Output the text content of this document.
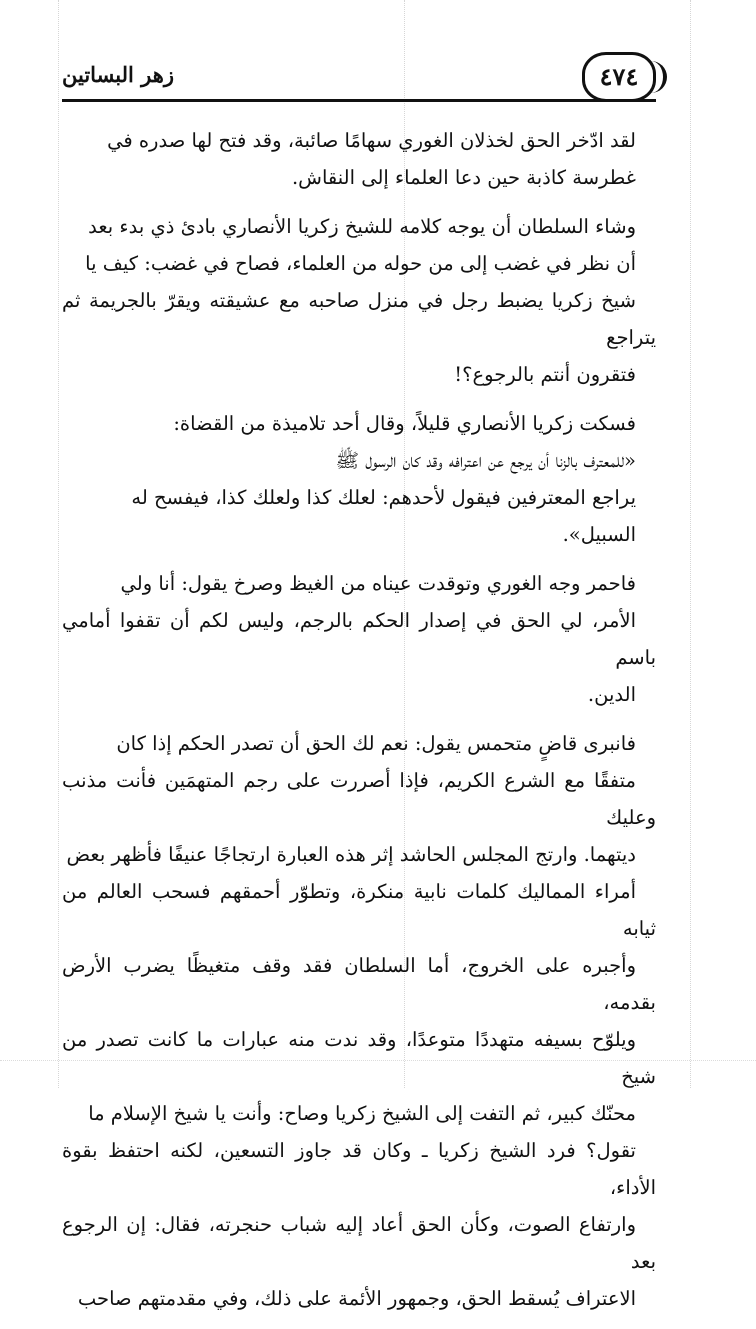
زهر البساتين	٤٧٤

لقد ادّخر الحق لخذلان الغوري سهامًا صائبة، وقد فتح لها صدره في
غطرسة كاذبة حين دعا العلماء إلى النقاش.

وشاء السلطان أن يوجه كلامه للشيخ زكريا الأنصاري بادئ ذي بدء بعد
أن نظر في غضب إلى من حوله من العلماء، فصاح في غضب: كيف يا
شيخ زكريا يضبط رجل في منزل صاحبه مع عشيقته ويقرّ بالجريمة ثم يتراجع
فتقرون أنتم بالرجوع؟!

فسكت زكريا الأنصاري قليلاً، وقال أحد تلاميذة من القضاة:
«للمعترف بالزنا أن يرجع عن اعترافه وقد كان الرسول ﷺ
يراجع المعترفين فيقول لأحدهم: لعلك كذا ولعلك كذا، فيفسح له
السبيل».

فاحمر وجه الغوري وتوقدت عيناه من الغيظ وصرخ يقول: أنا ولي
الأمر، لي الحق في إصدار الحكم بالرجم، وليس لكم أن تقفوا أمامي باسم
الدين.

فانبرى قاضٍ متحمس يقول: نعم لك الحق أن تصدر الحكم إذا كان
متفقًا مع الشرع الكريم، فإذا أصررت على رجم المتهمَين فأنت مذنب وعليك
ديتهما. وارتج المجلس الحاشد إثر هذه العبارة ارتجاجًا عنيفًا فأظهر بعض
أمراء المماليك كلمات نابية منكرة، وتطوّر أحمقهم فسحب العالم من ثيابه
وأجبره على الخروج، أما السلطان فقد وقف متغيظًا يضرب الأرض بقدمه،
ويلوّح بسيفه متهددًا متوعدًا، وقد ندت منه عبارات ما كانت تصدر من شيخ
محنّك كبير، ثم التفت إلى الشيخ زكريا وصاح: وأنت يا شيخ الإسلام ما
تقول؟ فرد الشيخ زكريا ـ وكان قد جاوز التسعين، لكنه احتفظ بقوة الأداء،
وارتفاع الصوت، وكأن الحق أعاد إليه شباب حنجرته، فقال: إن الرجوع بعد
الاعتراف يُسقط الحق، وجمهور الأئمة على ذلك، وفي مقدمتهم صاحب
